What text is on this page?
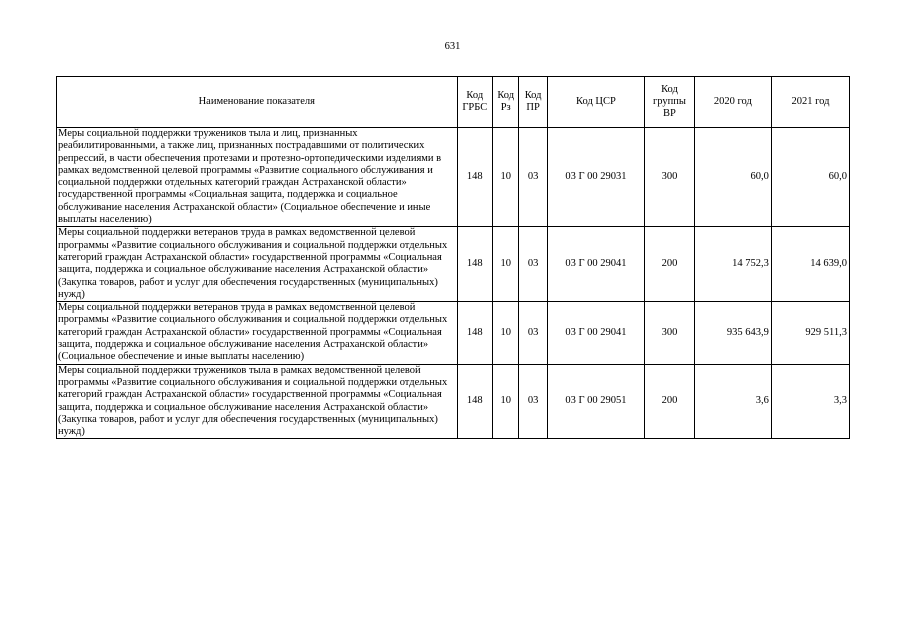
631
Наименование показателя	Код ГРБС	Код Рз	Код ПР	Код ЦСР	Код группы ВР	2020 год	2021 год
Меры социальной поддержки тружеников тыла и лиц, признанных реабилитированными, а также лиц, признанных пострадавшими от политических репрессий, в части обеспечения протезами и протезно-ортопедическими изделиями в рамках ведомственной целевой программы «Развитие социального обслуживания и социальной поддержки отдельных категорий граждан Астраханской области» государственной программы «Социальная защита, поддержка и социальное обслуживание населения Астраханской области» (Социальное обеспечение и иные выплаты населению)	148	10	03	03 Г 00 29031	300	60,0	60,0
Меры социальной поддержки ветеранов труда в рамках ведомственной целевой программы «Развитие социального обслуживания и социальной поддержки отдельных категорий граждан Астраханской области» государственной программы «Социальная защита, поддержка и социальное обслуживание населения Астраханской области» (Закупка товаров, работ и услуг для обеспечения государственных (муниципальных) нужд)	148	10	03	03 Г 00 29041	200	14 752,3	14 639,0
Меры социальной поддержки ветеранов труда в рамках ведомственной целевой программы «Развитие социального обслуживания и социальной поддержки отдельных категорий граждан Астраханской области» государственной программы «Социальная защита, поддержка и социальное обслуживание населения Астраханской области» (Социальное обеспечение и иные выплаты населению)	148	10	03	03 Г 00 29041	300	935 643,9	929 511,3
Меры социальной поддержки тружеников тыла в рамках ведомственной целевой программы «Развитие социального обслуживания и социальной поддержки отдельных категорий граждан Астраханской области» государственной программы «Социальная защита, поддержка и социальное обслуживание населения Астраханской области» (Закупка товаров, работ и услуг для обеспечения государственных (муниципальных) нужд)	148	10	03	03 Г 00 29051	200	3,6	3,3
